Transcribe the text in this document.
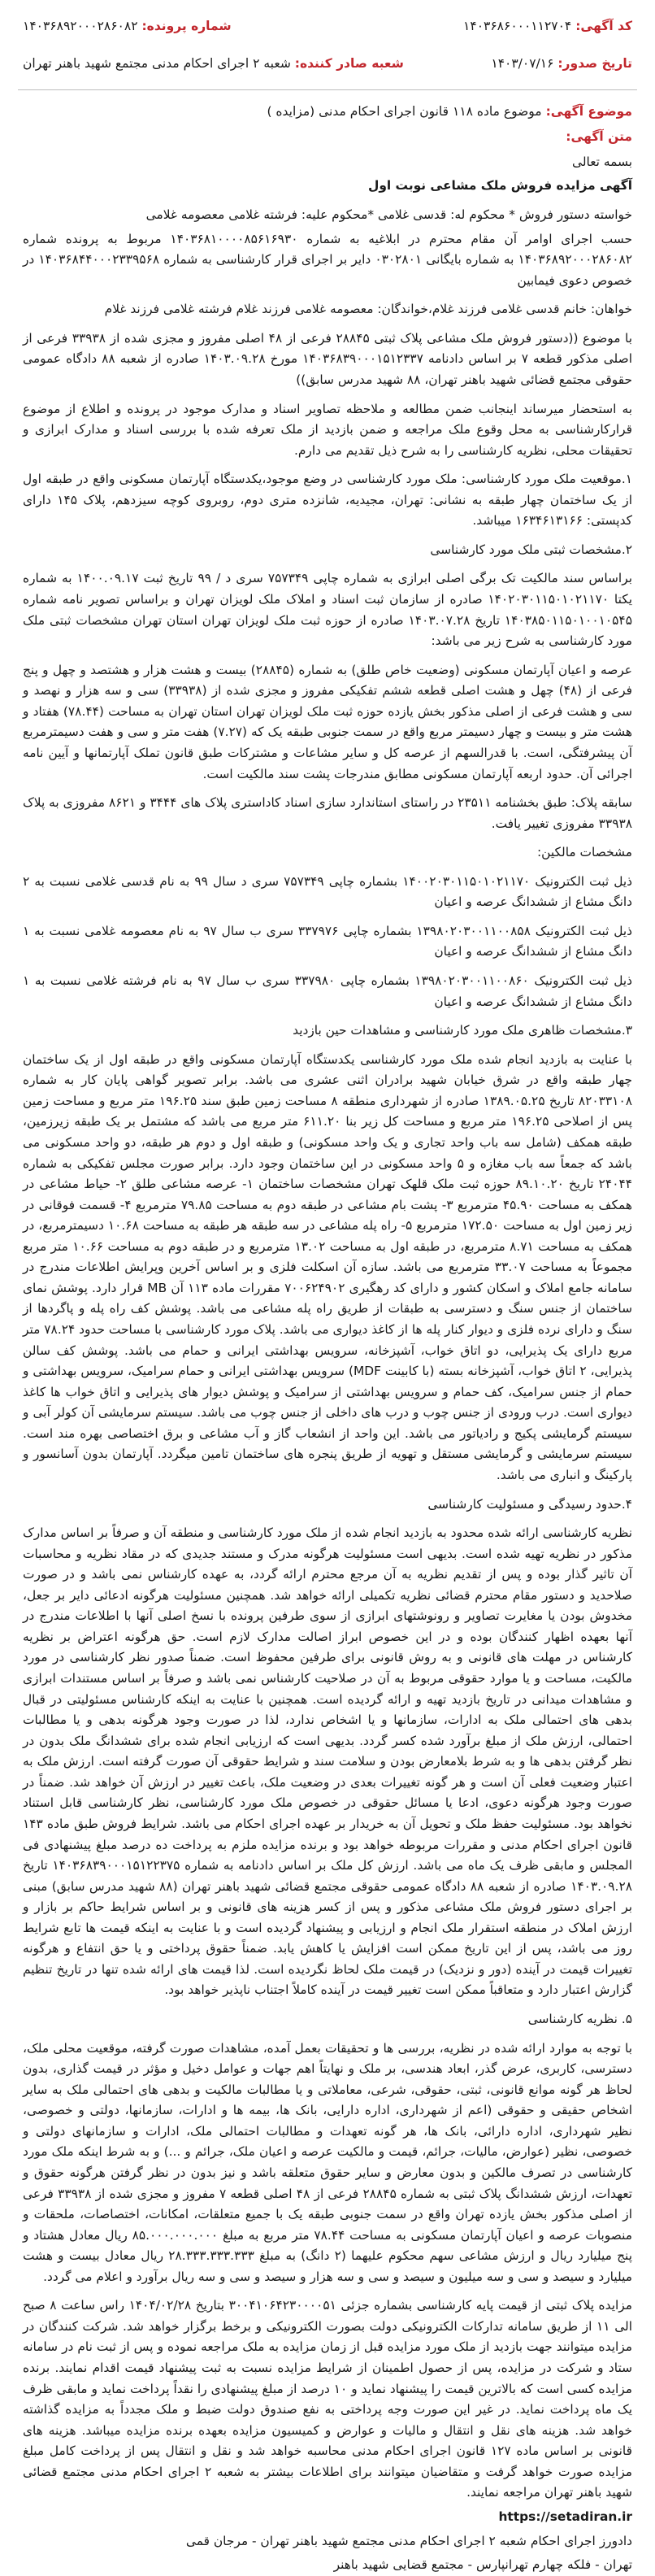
کد آگهی: ۱۴۰۳۶۸۶۰۰۰۱۱۲۷۰۴
شماره پرونده: ۱۴۰۳۶۸۹۲۰۰۰۲۸۶۰۸۲
تاریخ صدور: ۱۴۰۳/۰۷/۱۶
شعبه صادر کننده: شعبه ۲ اجرای احکام مدنی مجتمع شهید باهنر تهران
موضوع آگهی: موضوع ماده ۱۱۸ قانون اجرای احکام مدنی (مزایده )
متن آگهی:

بسمه تعالی

آگهی مزایده فروش ملک مشاعی نوبت اول

خواسته دستور فروش * محکوم له: قدسی غلامی *محکوم علیه: فرشته غلامی معصومه غلامی

حسب اجرای اوامر آن مقام محترم در ابلاغیه به شماره ۱۴۰۳۶۸۱۰۰۰۰۸۵۶۱۶۹۳۰ مربوط به پرونده شماره ۱۴۰۳۶۸۹۲۰۰۰۲۸۶۰۸۲ به شماره بایگانی ۰۳۰۲۸۰۱ دایر بر اجرای قرار کارشناسی به شماره ۱۴۰۳۶۸۴۴۰۰۰۲۳۳۹۵۶۸ در خصوص دعوی فیمابین

خواهان: خانم قدسی غلامی فرزند غلام،خواندگان: معصومه غلامی فرزند غلام فرشته غلامی فرزند غلام

با موضوع ((دستور فروش ملک مشاعی پلاک ثبتی ۲۸۸۴۵ فرعی از ۴۸ اصلی مفروز و مجزی شده از ۳۳۹۳۸ فرعی از اصلی مذکور قطعه ۷ بر اساس دادنامه ۱۴۰۳۶۸۳۹۰۰۰۱۵۱۲۳۳۷ مورخ ۱۴۰۳.۰۹.۲۸ صادره از شعبه ۸۸ دادگاه عمومی حقوقی مجتمع قضائی شهید باهنر تهران، ۸۸ شهید مدرس سابق))

به استحضار میرساند اینجانب ضمن مطالعه و ملاحظه تصاویر اسناد و مدارک موجود در پرونده و اطلاع از موضوع قرارکارشناسی به محل وقوع ملک مراجعه و ضمن بازدید از ملک تعرفه شده با بررسی اسناد و مدارک ابرازی و تحقیقات محلی، نظریه کارشناسی را به شرح ذیل تقدیم می دارم.

۱.موقعیت ملک مورد کارشناسی: ملک مورد کارشناسی در وضع موجود،یکدستگاه آپارتمان مسکونی واقع در طبقه اول از یک ساختمان چهار طبقه به نشانی: تهران، مجیدیه، شانزده متری دوم، روبروی کوچه سیزدهم، پلاک ۱۴۵ دارای کدپستی: ۱۶۳۴۶۱۳۱۶۶ میباشد.

۲.مشخصات ثبتی ملک مورد کارشناسی

براساس سند مالکیت تک برگی اصلی ابرازی به شماره چاپی ۷۵۷۳۴۹ سری د / ۹۹ تاریخ ثبت ۱۴۰۰.۰۹.۱۷ به شماره یکتا ۱۴۰۲۰۳۰۱۱۵۰۱۰۲۱۱۷۰ صادره از سازمان ثبت اسناد و املاک ملک لویزان تهران و براساس تصویر نامه شماره ۱۴۰۳۸۵۰۱۱۵۰۱۰۰۱۰۵۴۵ تاریخ ۱۴۰۳.۰۷.۲۸ صادره از حوزه ثبت ملک لویزان تهران استان تهران مشخصات ثبتی ملک مورد کارشناسی به شرح زیر می باشد:

عرصه و اعیان آپارتمان مسکونی (وضعیت خاص طلق) به شماره (۲۸۸۴۵) بیست و هشت هزار و هشتصد و چهل و پنج فرعی از (۴۸) چهل و هشت اصلی قطعه ششم تفکیکی مفروز و مجزی شده از (۳۳۹۳۸) سی و سه هزار و نهصد و سی و هشت فرعی از اصلی مذکور بخش یازده حوزه ثبت ملک لویزان تهران استان تهران به مساحت (۷۸.۴۴) هفتاد و هشت متر و بیست و چهار دسیمتر مربع واقع در سمت جنوبی طبقه یک که (۷.۲۷) هفت متر و سی و هفت دسیمترمربع آن پیشرفتگی، است. با قدرالسهم از عرصه کل و سایر مشاعات و مشترکات طبق قانون تملک آپارتمانها و آیین نامه اجرائی آن. حدود اربعه آپارتمان مسکونی مطابق مندرجات پشت سند مالکیت است.

سابقه پلاک: طبق بخشنامه ۲۳۵۱۱ در راستای استاندارد سازی اسناد کاداستری پلاک های ۳۴۴۴ و ۸۶۲۱ مفروزی به پلاک ۳۳۹۳۸ مفروزی تغییر یافت.

مشخصات مالکین:

ذیل ثبت الکترونیک ۱۴۰۰۲۰۳۰۱۱۵۰۱۰۲۱۱۷۰ بشماره چاپی ۷۵۷۳۴۹ سری د سال ۹۹ به نام قدسی غلامی نسبت به ۲ دانگ مشاع از ششدانگ عرصه و اعیان

ذیل ثبت الکترونیک ۱۳۹۸۰۲۰۳۰۰۱۱۰۰۸۵۸ بشماره چاپی ۳۳۷۹۷۶ سری ب سال ۹۷ به نام معصومه غلامی نسبت به ۱ دانگ مشاع از ششدانگ عرصه و اعیان

ذیل ثبت الکترونیک ۱۳۹۸۰۲۰۳۰۰۱۱۰۰۸۶۰ بشماره چاپی ۳۳۷۹۸۰ سری ب سال ۹۷ به نام فرشته غلامی نسبت به ۱ دانگ مشاع از ششدانگ عرصه و اعیان

۳.مشخصات ظاهری ملک مورد کارشناسی و مشاهدات حین بازدید

با عنایت به بازدید انجام شده ملک مورد کارشناسی یکدستگاه آپارتمان مسکونی واقع در طبقه اول از یک ساختمان چهار طبقه واقع در شرق خیابان شهید برادران اثنی عشری می باشد. برابر تصویر گواهی پایان کار به شماره ۸۲۰۳۳۱۰۸ تاریخ ۱۳۸۹.۰۵.۲۵ صادره از شهرداری منطقه ۸ مساحت زمین طبق سند ۱۹۶.۲۵ متر مربع و مساحت زمین پس از اصلاحی ۱۹۶.۲۵ متر مربع و مساحت کل زیر بنا ۶۱۱.۲۰ متر مربع می باشد که مشتمل بر یک طبقه زیرزمین، طبقه همکف (شامل سه باب واحد تجاری و یک واحد مسکونی) و طبقه اول و دوم هر طبقه، دو واحد مسکونی می باشد که جمعاً سه باب مغازه و ۵ واحد مسکونی در این ساختمان وجود دارد. برابر صورت مجلس تفکیکی به شماره ۲۴۰۴۴ تاریخ ۸۹.۱۰.۲۰ حوزه ثبت ملک قلهک تهران مشخصات ساختمان ۱- عرصه مشاعی طلق ۲- حیاط مشاعی در همکف به مساحت ۴۵.۹۰ مترمربع ۳- پشت بام مشاعی در طبقه دوم به مساحت ۷۹.۸۵ مترمربع ۴- قسمت فوقانی در زیر زمین اول به مساحت ۱۷۲.۵۰ مترمربع ۵- راه پله مشاعی در سه طبقه هر طبقه به مساحت ۱۰.۶۸ دسیمترمربع، در همکف به مساحت ۸.۷۱ مترمربع، در طبقه اول به مساحت ۱۳.۰۲ مترمربع و در طبقه دوم به مساحت ۱۰.۶۶ متر مربع مجموعاً به مساحت ۳۳.۰۷ مترمربع می باشد. سازه آن اسکلت فلزی و بر اساس آخرین وپرایش اطلاعات مندرج در سامانه جامع املاک و اسکان کشور و دارای کد رهگیری ۷۰۰۶۲۴۹۰۲ مقررات ماده ۱۱۳ آن MB قرار دارد. پوشش نمای ساختمان از جنس سنگ و دسترسی به طبقات از طریق راه پله مشاعی می باشد. پوشش کف راه پله و پاگردها از سنگ و دارای نرده فلزی و دیوار کنار پله ها از کاغذ دیواری می باشد. پلاک مورد کارشناسی با مساحت حدود ۷۸.۲۴ متر مربع دارای یک پذیرایی، دو اتاق خواب، آشپزخانه، سرویس بهداشتی ایرانی و حمام می باشد. پوشش کف سالن پذیرایی، ۲ اتاق خواب، آشپزخانه بسته (با کابینت MDF) سرویس بهداشتی ایرانی و حمام سرامیک، سرویس بهداشتی و حمام از جنس سرامیک، کف حمام و سرویس بهداشتی از سرامیک و پوشش دیوار های پذیرایی و اتاق خواب ها کاغذ دیواری است. درب ورودی از جنس چوب و درب های داخلی از جنس چوب می باشد. سیستم سرمایشی آن کولر آبی و سیستم گرمایشی پکیج و رادیاتور می باشد. این واحد از انشعاب گاز و آب مشاعی و برق اختصاصی بهره مند است. سیستم سرمایشی و گرمایشی مستقل و تهویه از طریق پنجره های ساختمان تامین میگردد. آپارتمان بدون آسانسور و پارکینگ و انباری می باشد.

۴.حدود رسیدگی و مسئولیت کارشناسی

نظریه کارشناسی ارائه شده محدود به بازدید انجام شده از ملک مورد کارشناسی و منطقه آن و صرفاً بر اساس مدارک مذکور در نظریه تهیه شده است. بدیهی است مسئولیت هرگونه مدرک و مستند جدیدی که در مقاد نظریه و محاسبات آن تاثیر گذار بوده و پس از تقدیم نظریه به آن مرجع محترم ارائه گردد، به عهده کارشناس نمی باشد و در صورت صلاحدید و دستور مقام محترم قضائی نظریه تکمیلی ارائه خواهد شد. همچنین مسئولیت هرگونه ادعائی دایر بر جعل، مخدوش بودن یا مغایرت تصاویر و رونوشتهای ابرازی از سوی طرفین پرونده با نسخ اصلی آنها با اطلاعات مندرج در آنها بعهده اظهار کنندگان بوده و در این خصوص ابراز اصالت مدارک لازم است. حق هرگونه اعتراض بر نظریه کارشناس در مهلت های قانونی و به روش قانونی برای طرفین محفوظ است. ضمناً صدور نظر کارشناسی در مورد مالکیت، مساحت و یا موارد حقوقی مربوط به آن در صلاحیت کارشناس نمی باشد و صرفاً بر اساس مستندات ابرازی و مشاهدات میدانی در تاریخ بازدید تهیه و ارائه گردیده است. همچنین با عنایت به اینکه کارشناس مسئولیتی در قبال بدهی های احتمالی ملک به ادارات، سازمانها و یا اشخاص ندارد، لذا در صورت وجود هرگونه بدهی و یا مطالبات احتمالی، ارزش ملک از مبلغ برآورد شده کسر گردد. بدیهی است که ارزیابی انجام شده برای ششدانگ ملک بدون در نظر گرفتن بدهی ها و به شرط بلامعارض بودن و سلامت سند و شرایط حقوقی آن صورت گرفته است. ارزش ملک به اعتبار وضعیت فعلی آن است و هر گونه تغییرات بعدی در وضعیت ملک، باعث تغییر در ارزش آن خواهد شد. ضمناً در صورت وجود هرگونه دعوی، ادعا یا مسائل حقوقی در خصوص ملک مورد کارشناسی، نظر کارشناسی قابل استناد نخواهد بود. مسئولیت حفظ ملک و تحویل آن به خریدار بر عهده اجرای احکام می باشد. شرایط فروش طبق ماده ۱۴۳ قانون اجرای احکام مدنی و مقررات مربوطه خواهد بود و برنده مزایده ملزم به پرداخت ده درصد مبلغ پیشنهادی فی المجلس و مابقی ظرف یک ماه می باشد. ارزش کل ملک بر اساس دادنامه به شماره ۱۴۰۳۶۸۳۹۰۰۰۱۵۱۲۲۳۷۵ تاریخ ۱۴۰۳.۰۹.۲۸ صادره از شعبه ۸۸ دادگاه عمومی حقوقی مجتمع قضائی شهید باهنر تهران (۸۸ شهید مدرس سابق) مبنی بر اجرای دستور فروش ملک مشاعی مذکور و پس از کسر هزینه های قانونی و بر اساس شرایط حاکم بر بازار و ارزش املاک در منطقه استقرار ملک انجام و ارزیابی و پیشنهاد گردیده است و با عنایت به اینکه قیمت ها تابع شرایط روز می باشد، پس از این تاریخ ممکن است افزایش یا کاهش یابد. ضمناً حقوق پرداختی و یا حق انتفاع و هرگونه تغییرات قیمت در آینده (دور و نزدیک) در قیمت ملک لحاظ نگردیده است. لذا قیمت های ارائه شده تنها در تاریخ تنظیم گزارش اعتبار دارد و متعاقباً ممکن است تغییر قیمت در آینده کاملاً اجتناب ناپذیر خواهد بود.

۵. نظریه کارشناسی

با توجه به موارد ارائه شده در نظریه، بررسی ها و تحقیقات بعمل آمده، مشاهدات صورت گرفته، موقعیت محلی ملک، دسترسی، کاربری، عرض گذر، ابعاد هندسی، بر ملک و نهایتاً اهم جهات و عوامل دخیل و مؤثر در قیمت گذاری، بدون لحاظ هر گونه موانع قانونی، ثبتی، حقوقی، شرعی، معاملاتی و یا مطالبات مالکیت و بدهی های احتمالی ملک به سایر اشخاص حقیقی و حقوقی (اعم از شهرداری، اداره دارایی، بانک ها، بیمه ها و ادارات، سازمانها، دولتی و خصوصی، نظیر شهرداری، اداره دارائی، بانک ها، هر گونه تعهدات و مطالبات احتمالی ملک، ادارات و سازمانهای دولتی و خصوصی، نظیر (عوارض، مالیات، جرائم، قیمت و مالکیت عرصه و اعیان ملک، جرائم و ...) و به شرط اینکه ملک مورد کارشناسی در تصرف مالکین و بدون معارض و سایر حقوق متعلقه باشد و نیز بدون در نظر گرفتن هرگونه حقوق و تعهدات، ارزش ششدانگ پلاک ثبتی به شماره ۲۸۸۴۵ فرعی از ۴۸ اصلی قطعه ۷ مفروز و مجزی شده از ۳۳۹۳۸ فرعی از اصلی مذکور بخش یازده تهران واقع در سمت جنوبی طبقه یک با جمیع متعلقات، امکانات، اختصاصات، ملحقات و منصوبات عرصه و اعیان آپارتمان مسکونی به مساحت ۷۸.۴۴ متر مربع به مبلغ ۸۵.۰۰۰.۰۰۰.۰۰۰ ریال معادل هشتاد و پنج میلیارد ریال و ارزش مشاعی سهم محکوم علیهما (۲ دانگ) به مبلغ ۲۸.۳۳۳.۳۳۳.۳۳۳ ریال معادل بیست و هشت میلیارد و سیصد و سی و سه میلیون و سیصد و سی و سه هزار و سیصد و سی و سه ریال برآورد و اعلام می گردد.

مزایده پلاک ثبتی از قیمت پایه کارشناسی بشماره جزئی ۳۰۰۴۱۰۶۴۲۳۰۰۰۰۵۱ بتاریخ ۱۴۰۴/۰۲/۲۸ راس ساعت ۸ صبح الی ۱۱ از طریق سامانه تدارکات الکترونیکی دولت بصورت الکترونیکی و برخط برگزار خواهد شد. شرکت کنندگان در مزایده میتوانند جهت بازدید از ملک مورد مزایده قبل از زمان مزایده به ملک مراجعه نموده و پس از ثبت نام در سامانه ستاد و شرکت در مزایده، پس از حصول اطمینان از شرایط مزایده نسبت به ثبت پیشنهاد قیمت اقدام نمایند. برنده مزایده کسی است که بالاترین قیمت را پیشنهاد نماید و ۱۰ درصد از مبلغ پیشنهادی را نقداً پرداخت نماید و مابقی ظرف یک ماه پرداخت نماید. در غیر این صورت وجه پرداختی به نفع صندوق دولت ضبط و ملک مجدداً به مزایده گذاشته خواهد شد. هزینه های نقل و انتقال و مالیات و عوارض و کمیسیون مزایده بعهده برنده مزایده میباشد. هزینه های قانونی بر اساس ماده ۱۲۷ قانون اجرای احکام مدنی محاسبه خواهد شد و نقل و انتقال پس از پرداخت کامل مبلغ مزایده صورت خواهد گرفت و متقاضیان میتوانند برای اطلاعات بیشتر به شعبه ۲ اجرای احکام مدنی مجتمع قضائی شهید باهنر تهران مراجعه نمایند.

https://setadiran.ir

دادورز اجرای احکام شعبه ۲ اجرای احکام مدنی مجتمع شهید باهنر تهران - مرجان قمی

تهران - فلکه چهارم تهرانپارس - مجتمع قضایی شهید باهنر
